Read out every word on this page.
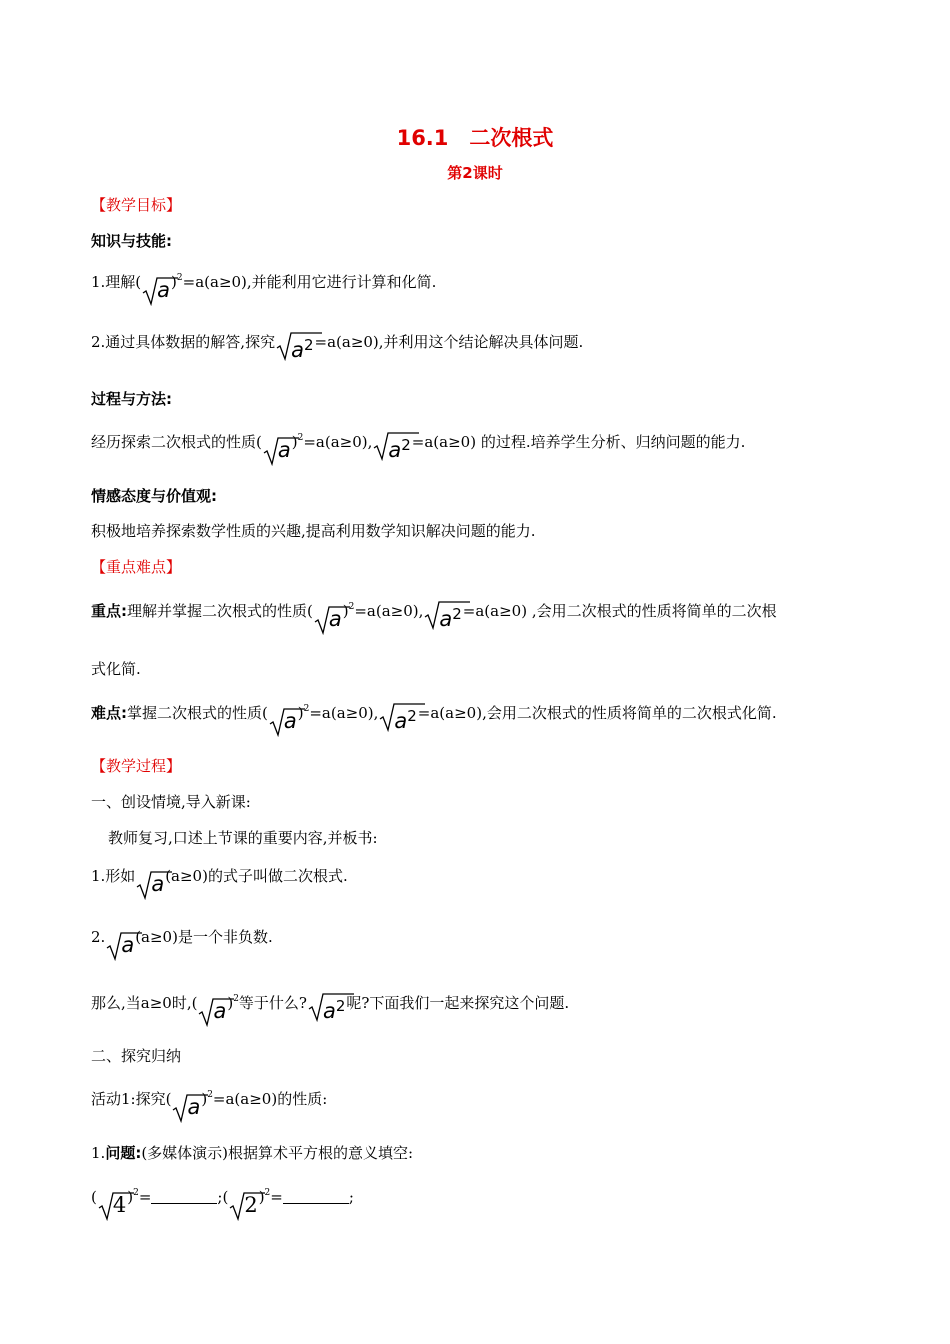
16.1　二次根式
第2课时
【教学目标】
知识与技能:
1.理解( a)$^2$=a(a≥0),并能利用它进行计算和化简.
2.通过具体数据的解答,探究 $a^2=a(a\ge 0)$,并利用这个结论解决具体问题.
过程与方法:
经历探索二次根式的性质( a)$^2$=a(a≥0), $a^2=a(a\ge 0)$ 的过程.培养学生分析、归纳问题的能力.
情感态度与价值观:
积极地培养探索数学性质的兴趣,提高利用数学知识解决问题的能力.
【重点难点】
重点:理解并掌握二次根式的性质( a)$^2$=a(a≥0), $a^2=a(a\ge 0)$ ,会用二次根式的性质将简单的二次根
式化简.
难点:掌握二次根式的性质( a)$^2$=a(a≥0), $a^2=a(a\ge 0)$,会用二次根式的性质将简单的二次根式化简.
【教学过程】
一、创设情境,导入新课:
教师复习,口述上节课的重要内容,并板书:
1.形如 a(a≥0)的式子叫做二次根式.
2. a(a≥0)是一个非负数.
那么,当a≥0时,( a)$^2$等于什么? $a^2$呢?下面我们一起来探究这个问题.
二、探究归纳
活动1:探究( a)$^2$=a(a≥0)的性质:
1.问题:(多媒体演示)根据算术平方根的意义填空:
( 4)$^2$=	;( 2)$^2$=	;
